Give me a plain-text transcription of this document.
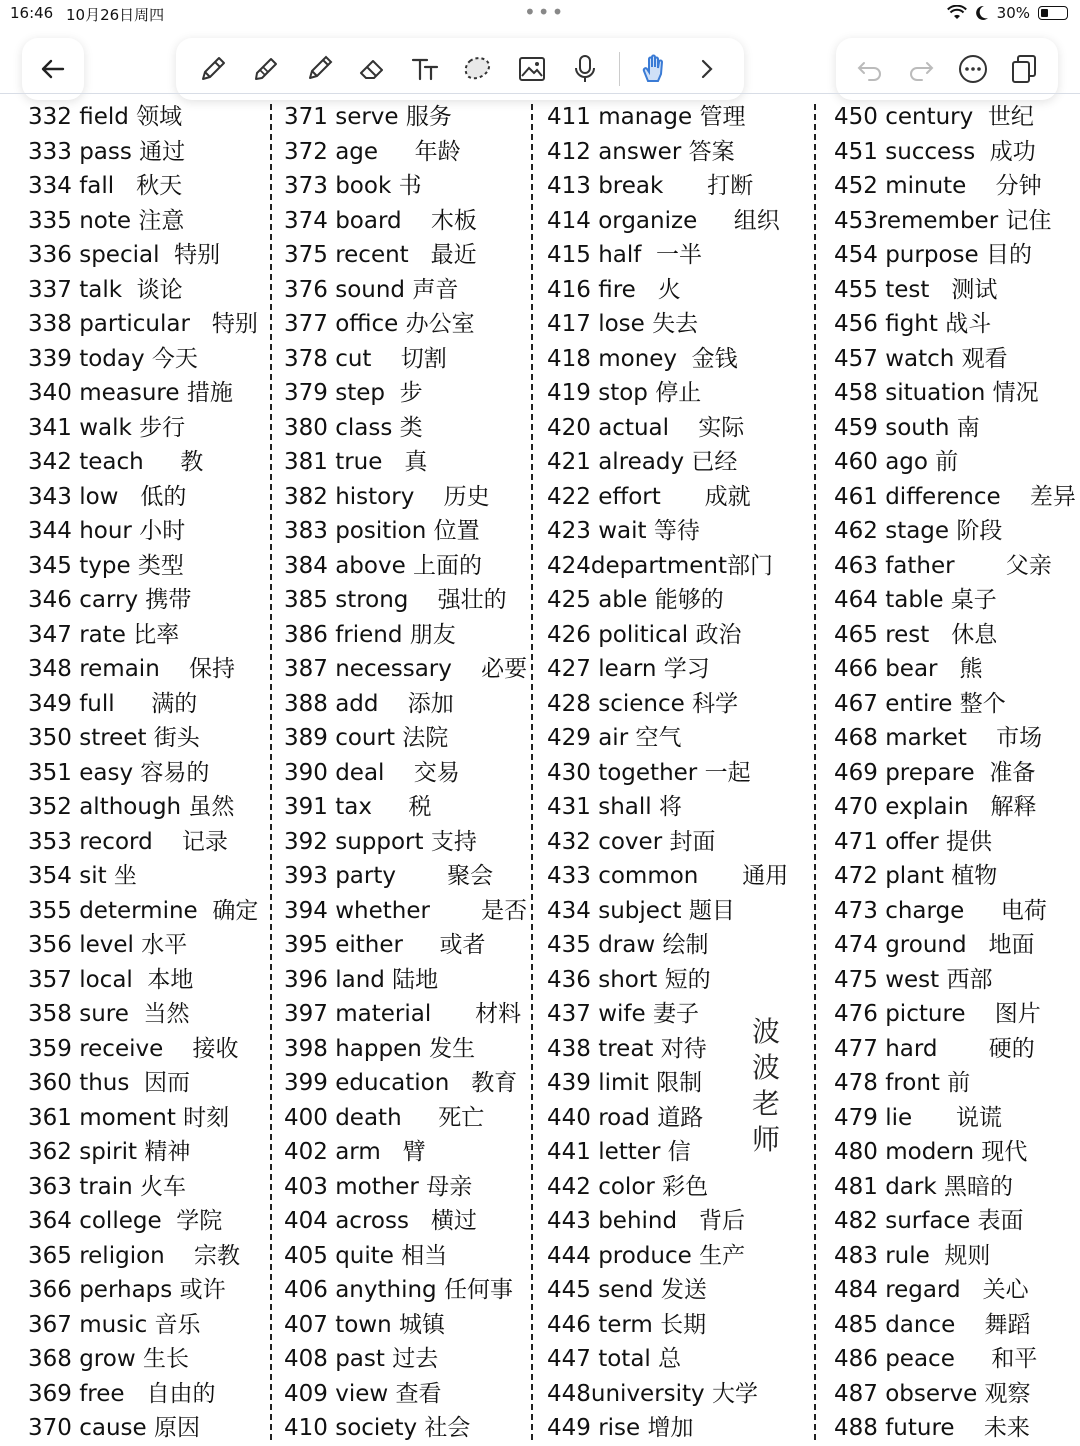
16:46 10月26日周四	•••	30%
332 field 领域
333 pass 通过
334 fall   秋天
335 note 注意
336 special  特别
337 talk  谈论
338 particular   特别
339 today 今天
340 measure 措施
341 walk 步行
342 teach     教
343 low   低的
344 hour 小时
345 type 类型
346 carry 携带
347 rate 比率
348 remain    保持
349 full     满的
350 street 街头
351 easy 容易的
352 although 虽然
353 record    记录
354 sit 坐
355 determine  确定
356 level 水平
357 local  本地
358 sure  当然
359 receive    接收
360 thus  因而
361 moment 时刻
362 spirit 精神
363 train 火车
364 college  学院
365 religion    宗教
366 perhaps 或许
367 music 音乐
368 grow 生长
369 free   自由的
370 cause 原因
371 serve 服务
372 age     年龄
373 book 书
374 board    木板
375 recent   最近
376 sound 声音
377 office 办公室
378 cut    切割
379 step  步
380 class 类
381 true   真
382 history    历史
383 position 位置
384 above 上面的
385 strong    强壮的
386 friend 朋友
387 necessary    必要
388 add    添加
389 court 法院
390 deal    交易
391 tax     税
392 support 支持
393 party       聚会
394 whether       是否
395 either     或者
396 land 陆地
397 material      材料
398 happen 发生
399 education   教育
400 death     死亡
402 arm   臂
403 mother 母亲
404 across   横过
405 quite 相当
406 anything 任何事
407 town 城镇
408 past 过去
409 view 查看
410 society 社会
411 manage 管理
412 answer 答案
413 break      打断
414 organize     组织
415 half  一半
416 fire   火
417 lose 失去
418 money  金钱
419 stop 停止
420 actual    实际
421 already 已经
422 effort      成就
423 wait 等待
424department部门
425 able 能够的
426 political 政治
427 learn 学习
428 science 科学
429 air 空气
430 together 一起
431 shall 将
432 cover 封面
433 common      通用
434 subject 题目
435 draw 绘制
436 short 短的
437 wife 妻子
438 treat 对待
439 limit 限制
440 road 道路
441 letter 信
442 color 彩色
443 behind   背后
444 produce 生产
445 send 发送
446 term 长期
447 total 总
448university 大学
449 rise 增加
450 century  世纪
451 success  成功
452 minute    分钟
453remember 记住
454 purpose 目的
455 test   测试
456 fight 战斗
457 watch 观看
458 situation 情况
459 south 南
460 ago 前
461 difference    差异
462 stage 阶段
463 father       父亲
464 table 桌子
465 rest   休息
466 bear   熊
467 entire 整个
468 market    市场
469 prepare  准备
470 explain   解释
471 offer 提供
472 plant 植物
473 charge     电荷
474 ground   地面
475 west 西部
476 picture    图片
477 hard       硬的
478 front 前
479 lie      说谎
480 modern 现代
481 dark 黑暗的
482 surface 表面
483 rule  规则
484 regard   关心
485 dance    舞蹈
486 peace     和平
487 observe 观察
488 future    未来
波
波
老
师
